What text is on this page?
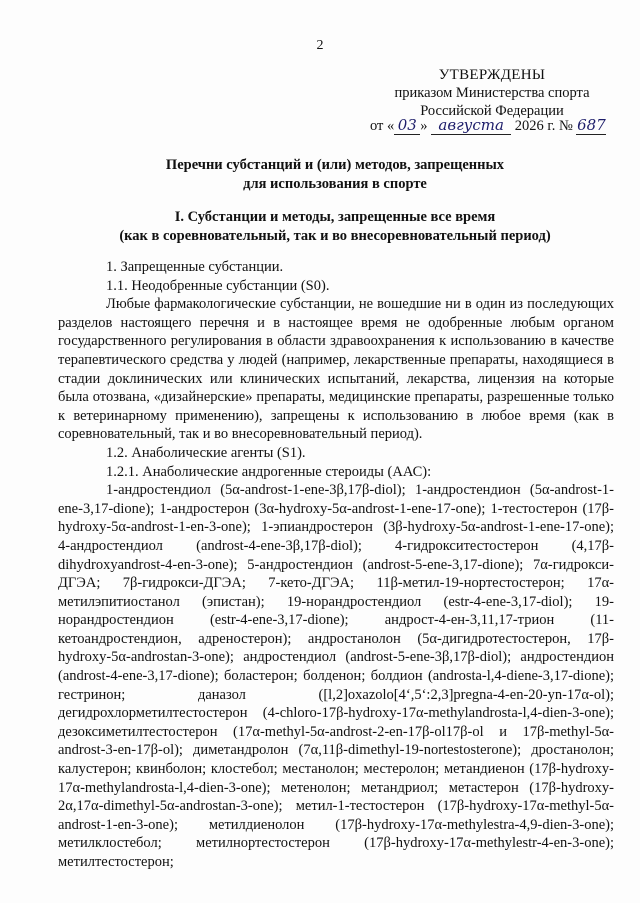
2
УТВЕРЖДЕНЫ
приказом Министерства спорта
Российской Федерации
от « 03 » августа 2026 г. № 687
Перечни субстанций и (или) методов, запрещенных
для использования в спорте
I. Субстанции и методы, запрещенные все время
(как в соревновательный, так и во внесоревновательный период)

1. Запрещенные субстанции.

1.1. Неодобренные субстанции (S0).

Любые фармакологические субстанции, не вошедшие ни в один из последующих разделов настоящего перечня и в настоящее время не одобренные любым органом государственного регулирования в области здравоохранения к использованию в качестве терапевтического средства у людей (например, лекарственные препараты, находящиеся в стадии доклинических или клинических испытаний, лекарства, лицензия на которые была отозвана, «дизайнерские» препараты, медицинские препараты, разрешенные только к ветеринарному применению), запрещены к использованию в любое время (как в соревновательный, так и во внесоревновательный период).

1.2. Анаболические агенты (S1).

1.2.1. Анаболические андрогенные стероиды (ААС):

1-андростендиол (5α-androst-1-ene-3β,17β-diol); 1-андростендион (5α-androst-1-ene-3,17-dione); 1-андростерон (3α-hydroxy-5α-androst-1-ene-17-one); 1-тестостерон (17β-hydroxy-5α-androst-1-en-3-one); 1-эпиандростерон (3β-hydroxy-5α-androst-1-ene-17-one); 4-андростендиол (androst-4-ene-3β,17β-diol); 4-гидрокситестостерон (4,17β-dihydroxyandrost-4-en-3-one); 5-андростендион (androst-5-ene-3,17-dione); 7α-гидрокси-ДГЭА; 7β-гидрокси-ДГЭА; 7-кето-ДГЭА; 11β-метил-19-нортестостерон; 17α-метилэпитиостанол (эпистан); 19-норандростендиол (estr-4-ene-3,17-diol); 19-норандростендион (estr-4-ene-3,17-dione); андрост-4-ен-3,11,17-трион (11-кетоандростендион, адреностерон); андростанолон (5α-дигидротестостерон, 17β-hydroxy-5α-androstan-3-one); андростендиол (androst-5-ene-3β,17β-diol); андростендион (androst-4-ene-3,17-dione); боластерон; болденон; болдион (androsta-l,4-diene-3,17-dione); гестринон; даназол ([l,2]oxazolo[4‘,5‘:2,3]pregna-4-en-20-yn-17α-ol); дегидрохлорметилтестостерон (4-chloro-17β-hydroxy-17α-methylandrosta-l,4-dien-3-one); дезоксиметилтестостерон (17α-methyl-5α-androst-2-en-17β-ol17β-ol и 17β-methyl-5α-androst-3-en-17β-ol); диметандролон (7α,11β-dimethyl-19-nortestosterone); дростанолон; калустерон; квинболон; клостебол; местанолон; местеролон; метандиенон (17β-hydroxy-17α-methylandrosta-l,4-dien-3-one); метенолон; метандриол; метастерон (17β-hydroxy-2α,17α-dimethyl-5α-androstan-3-one); метил-1-тестостерон (17β-hydroxy-17α-methyl-5α-androst-1-en-3-one); метилдиенолон (17β-hydroxy-17α-methylestra-4,9-dien-3-one); метилклостебол; метилнортестостерон (17β-hydroxy-17α-methylestr-4-en-3-one); метилтестостерон;
